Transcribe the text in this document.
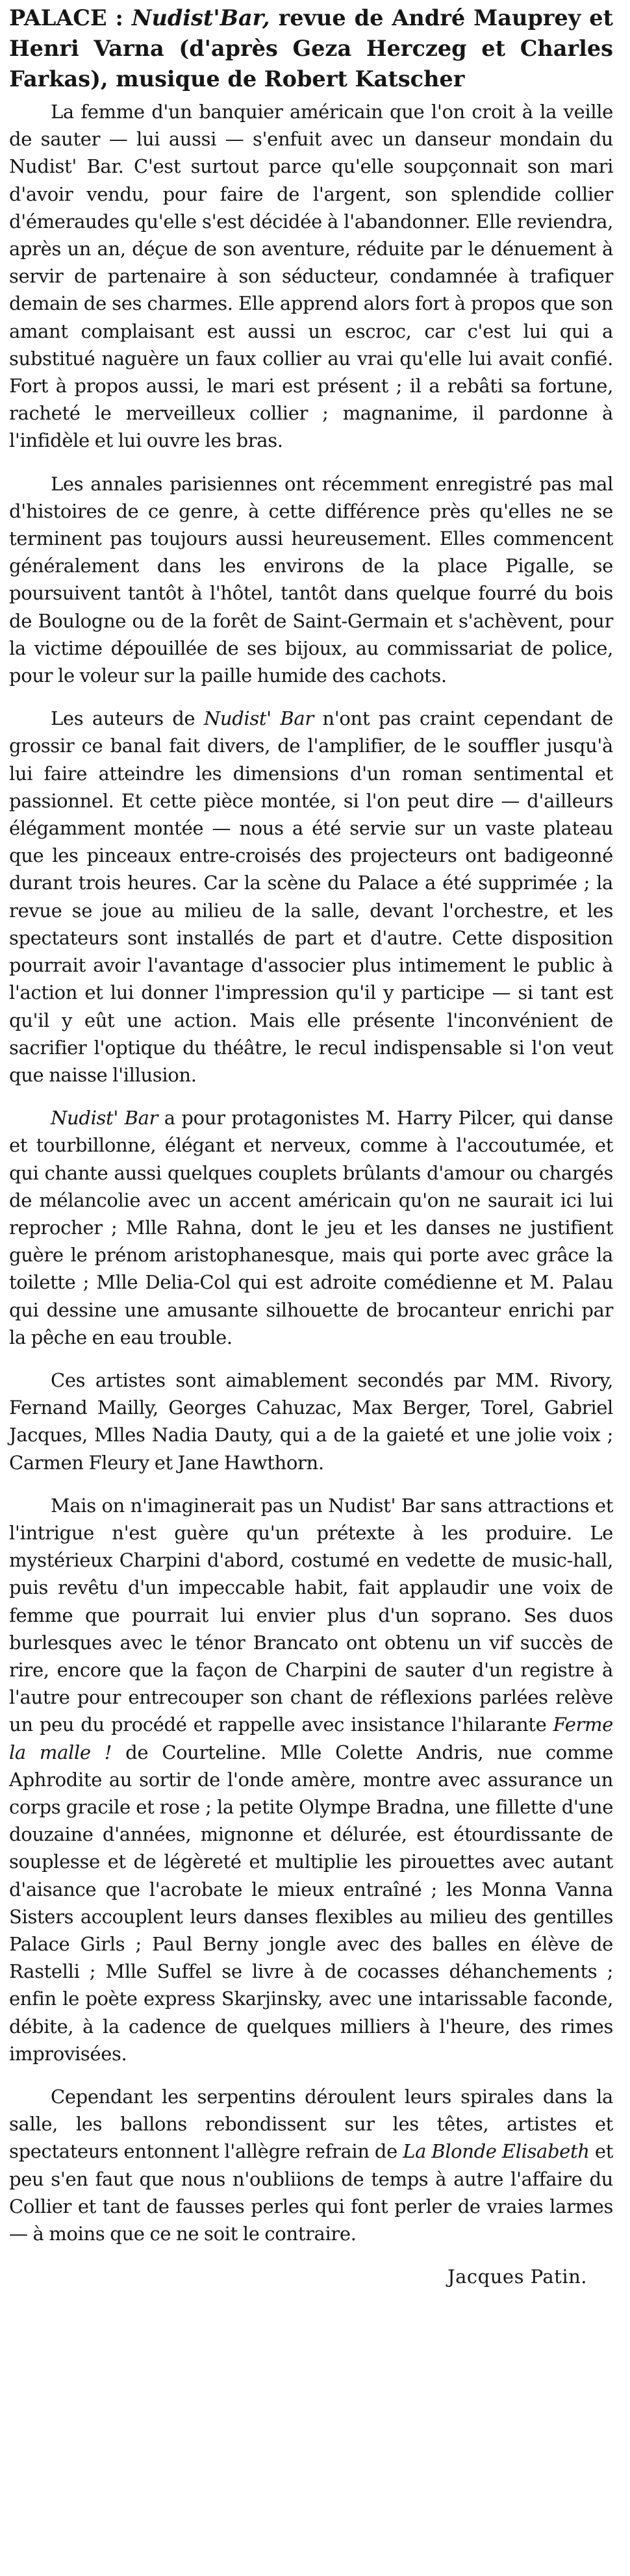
PALACE : Nudist'Bar, revue de André Mauprey et Henri Varna (d'après Geza Herczeg et Charles Farkas), musique de Robert Katscher

La femme d'un banquier américain que l'on croit à la veille de sauter — lui aussi — s'enfuit avec un danseur mondain du Nudist' Bar. C'est surtout parce qu'elle soupçonnait son mari d'avoir vendu, pour faire de l'argent, son splendide collier d'émeraudes qu'elle s'est décidée à l'abandonner. Elle reviendra, après un an, déçue de son aventure, réduite par le dénuement à servir de partenaire à son séducteur, condamnée à trafiquer demain de ses charmes. Elle apprend alors fort à propos que son amant complaisant est aussi un escroc, car c'est lui qui a substitué naguère un faux collier au vrai qu'elle lui avait confié. Fort à propos aussi, le mari est présent ; il a rebâti sa fortune, racheté le merveilleux collier ; magnanime, il pardonne à l'infidèle et lui ouvre les bras.

Les annales parisiennes ont récemment enregistré pas mal d'histoires de ce genre, à cette différence près qu'elles ne se terminent pas toujours aussi heureusement. Elles commencent généralement dans les environs de la place Pigalle, se poursuivent tantôt à l'hôtel, tantôt dans quelque fourré du bois de Boulogne ou de la forêt de Saint-Germain et s'achèvent, pour la victime dépouillée de ses bijoux, au commissariat de police, pour le voleur sur la paille humide des cachots.

Les auteurs de Nudist' Bar n'ont pas craint cependant de grossir ce banal fait divers, de l'amplifier, de le souffler jusqu'à lui faire atteindre les dimensions d'un roman sentimental et passionnel. Et cette pièce montée, si l'on peut dire — d'ailleurs élégamment montée — nous a été servie sur un vaste plateau que les pinceaux entre-croisés des projecteurs ont badigeonné durant trois heures. Car la scène du Palace a été supprimée ; la revue se joue au milieu de la salle, devant l'orchestre, et les spectateurs sont installés de part et d'autre. Cette disposition pourrait avoir l'avantage d'associer plus intimement le public à l'action et lui donner l'impression qu'il y participe — si tant est qu'il y eût une action. Mais elle présente l'inconvénient de sacrifier l'optique du théâtre, le recul indispensable si l'on veut que naisse l'illusion.

Nudist' Bar a pour protagonistes M. Harry Pilcer, qui danse et tourbillonne, élégant et nerveux, comme à l'accoutumée, et qui chante aussi quelques couplets brûlants d'amour ou chargés de mélancolie avec un accent américain qu'on ne saurait ici lui reprocher ; Mlle Rahna, dont le jeu et les danses ne justifient guère le prénom aristophanesque, mais qui porte avec grâce la toilette ; Mlle Delia-Col qui est adroite comédienne et M. Palau qui dessine une amusante silhouette de brocanteur enrichi par la pêche en eau trouble.

Ces artistes sont aimablement secondés par MM. Rivory, Fernand Mailly, Georges Cahuzac, Max Berger, Torel, Gabriel Jacques, Mlles Nadia Dauty, qui a de la gaieté et une jolie voix ; Carmen Fleury et Jane Hawthorn.

Mais on n'imaginerait pas un Nudist' Bar sans attractions et l'intrigue n'est guère qu'un prétexte à les produire. Le mystérieux Charpini d'abord, costumé en vedette de music-hall, puis revêtu d'un impeccable habit, fait applaudir une voix de femme que pourrait lui envier plus d'un soprano. Ses duos burlesques avec le ténor Brancato ont obtenu un vif succès de rire, encore que la façon de Charpini de sauter d'un registre à l'autre pour entrecouper son chant de réflexions parlées relève un peu du procédé et rappelle avec insistance l'hilarante Ferme la malle ! de Courteline. Mlle Colette Andris, nue comme Aphrodite au sortir de l'onde amère, montre avec assurance un corps gracile et rose ; la petite Olympe Bradna, une fillette d'une douzaine d'années, mignonne et délurée, est étourdissante de souplesse et de légèreté et multiplie les pirouettes avec autant d'aisance que l'acrobate le mieux entraîné ; les Monna Vanna Sisters accouplent leurs danses flexibles au milieu des gentilles Palace Girls ; Paul Berny jongle avec des balles en élève de Rastelli ; Mlle Suffel se livre à de cocasses déhanchements ; enfin le poète express Skarjinsky, avec une intarissable faconde, débite, à la cadence de quelques milliers à l'heure, des rimes improvisées.

Cependant les serpentins déroulent leurs spirales dans la salle, les ballons rebondissent sur les têtes, artistes et spectateurs entonnent l'allègre refrain de La Blonde Elisabeth et peu s'en faut que nous n'oubliions de temps à autre l'affaire du Collier et tant de fausses perles qui font perler de vraies larmes — à moins que ce ne soit le contraire.

Jacques Patin.
